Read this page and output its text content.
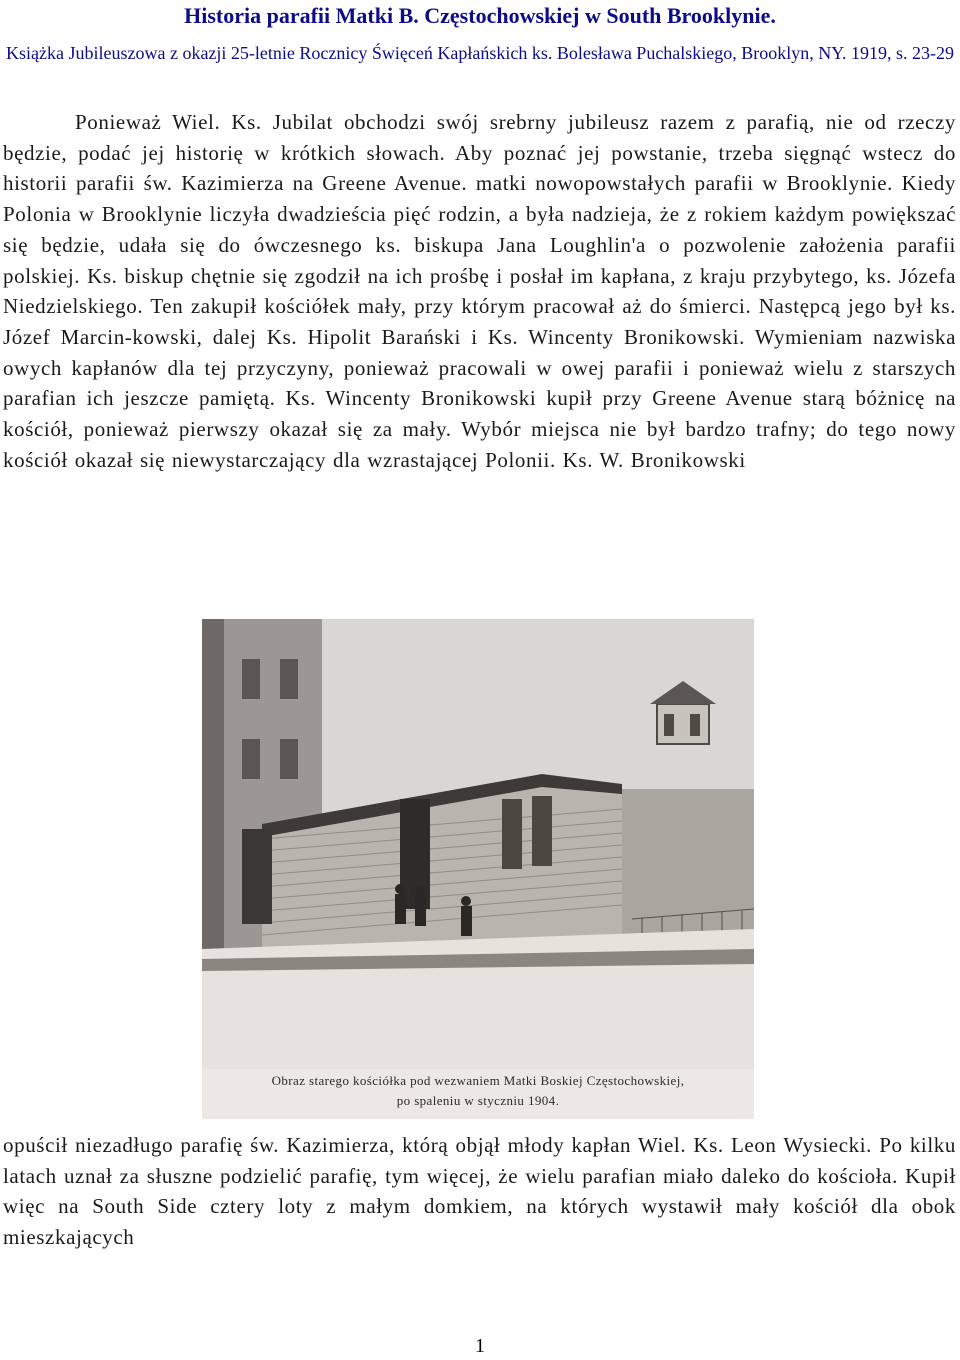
Historia parafii Matki B. Częstochowskiej w South Brooklynie.
Książka Jubileuszowa z okazji 25-letnie Rocznicy Święceń Kapłańskich ks. Bolesława Puchalskiego, Brooklyn, NY. 1919, s. 23-29
Ponieważ Wiel. Ks. Jubilat obchodzi swój srebrny jubileusz razem z parafią, nie od rzeczy będzie, podać jej historię w krótkich słowach. Aby poznać jej powstanie, trzeba sięgnąć wstecz do historii parafii św. Kazimierza na Greene Avenue. matki nowopowstałych parafii w Brooklynie. Kiedy Polonia w Brooklynie liczyła dwadzieścia pięć rodzin, a była nadzieja, że z rokiem każdym powiększać się będzie, udała się do ówczesnego ks. biskupa Jana Loughlin'a o pozwolenie założenia parafii polskiej. Ks. biskup chętnie się zgodził na ich prośbę i posłał im kapłana, z kraju przybytego, ks. Józefa Niedzielskiego. Ten zakupił kościółek mały, przy którym pracował aż do śmierci. Następcą jego był ks. Józef Marcin-kowski, dalej Ks. Hipolit Barański i Ks. Wincenty Bronikowski. Wymieniam nazwiska owych kapłanów dla tej przyczyny, ponieważ pracowali w owej parafii i ponieważ wielu z starszych parafian ich jeszcze pamiętą. Ks. Wincenty Bronikowski kupił przy Greene Avenue starą bóżnicę na kościół, ponieważ pierwszy okazał się za mały. Wybór miejsca nie był bardzo trafny; do tego nowy kościół okazał się niewystarczający dla wzrastającej Polonii. Ks. W. Bronikowski
Obraz starego kościółka pod wezwaniem Matki Boskiej Częstochowskiej,
po spaleniu w styczniu 1904.
opuścił niezadługo parafię św. Kazimierza, którą objął młody kapłan Wiel. Ks. Leon Wysiecki. Po kilku latach uznał za słuszne podzielić parafię, tym więcej, że wielu parafian miało daleko do kościoła. Kupił więc na South Side cztery loty z małym domkiem, na których wystawił mały kościół dla obok mieszkających
1
